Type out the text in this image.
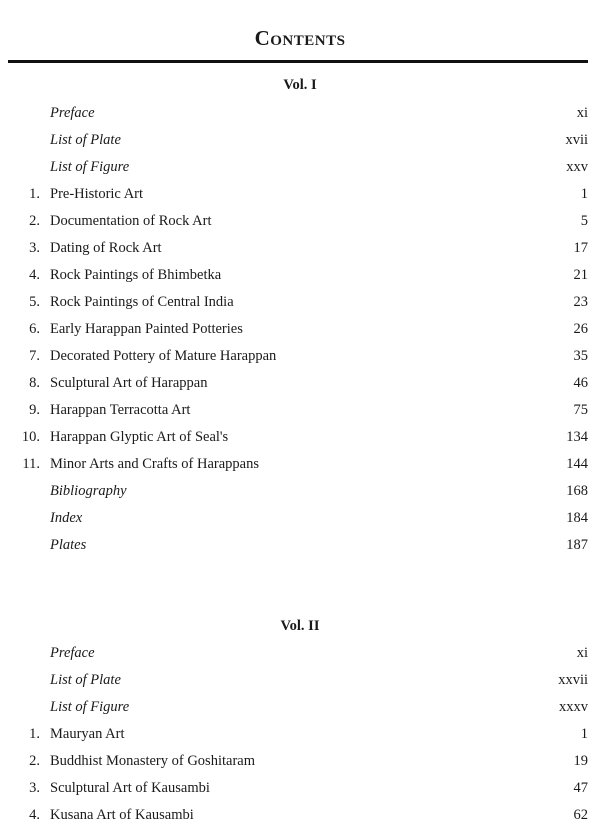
Contents
Vol. I
Preface	xi
List of Plate	xvii
List of Figure	xxv
1. Pre-Historic Art	1
2. Documentation of Rock Art	5
3. Dating of Rock Art	17
4. Rock Paintings of Bhimbetka	21
5. Rock Paintings of Central India	23
6. Early Harappan Painted Potteries	26
7. Decorated Pottery of Mature Harappan	35
8. Sculptural Art of Harappan	46
9. Harappan Terracotta Art	75
10. Harappan Glyptic Art of Seal's	134
11. Minor Arts and Crafts of Harappans	144
Bibliography	168
Index	184
Plates	187
Vol. II
Preface	xi
List of Plate	xxvii
List of Figure	xxxv
1. Mauryan Art	1
2. Buddhist Monastery of Goshitaram	19
3. Sculptural Art of Kausambi	47
4. Kusana Art of Kausambi	62
